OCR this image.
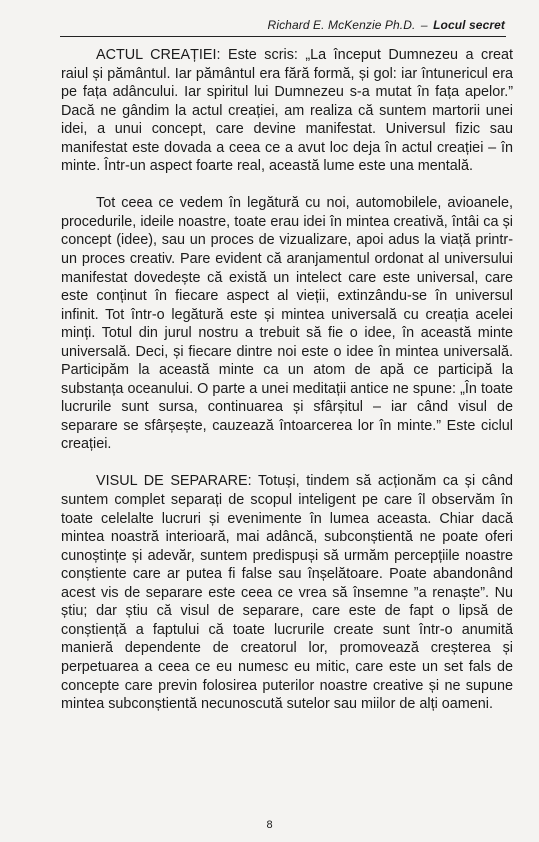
Richard E. McKenzie Ph.D. – Locul secret

ACTUL CREAȚIEI: Este scris: „La început Dumnezeu a creat raiul și pământul. Iar pământul era fără formă, și gol: iar întunericul era pe fața adâncului. Iar spiritul lui Dumnezeu s-a mutat în fața apelor.” Dacă ne gândim la actul creației, am realiza că suntem martorii unei idei, a unui concept, care devine manifestat. Universul fizic sau manifestat este dovada a ceea ce a avut loc deja în actul creației – în minte. Într-un aspect foarte real, această lume este una mentală.

Tot ceea ce vedem în legătură cu noi, automobilele, avioanele, procedurile, ideile noastre, toate erau idei în mintea creativă, întâi ca și concept (idee), sau un proces de vizualizare, apoi adus la viață printr-un proces creativ. Pare evident că aranjamentul ordonat al universului manifestat dovedește că există un intelect care este universal, care este conținut în fiecare aspect al vieții, extinzându-se în universul infinit. Tot într-o legătură este și mintea universală cu creația acelei minți. Totul din jurul nostru a trebuit să fie o idee, în această minte universală. Deci, și fiecare dintre noi este o idee în mintea universală. Participăm la această minte ca un atom de apă ce participă la substanța oceanului. O parte a unei meditații antice ne spune: „În toate lucrurile sunt sursa, continuarea și sfârșitul – iar când visul de separare se sfârșește, cauzează întoarcerea lor în minte.” Este ciclul creației.

VISUL DE SEPARARE: Totuși, tindem să acționăm ca și când suntem complet separați de scopul inteligent pe care îl observăm în toate celelalte lucruri și evenimente în lumea aceasta. Chiar dacă mintea noastră interioară, mai adâncă, subconștientă ne poate oferi cunoștințe și adevăr, suntem predispuși să urmăm percepțiile noastre conștiente care ar putea fi false sau înșelătoare. Poate abandonând acest vis de separare este ceea ce vrea să însemne ”a renaște”. Nu știu; dar știu că visul de separare, care este de fapt o lipsă de conștiență a faptului că toate lucrurile create sunt într-o anumită manieră dependente de creatorul lor, promovează creșterea și perpetuarea a ceea ce eu numesc eu mitic, care este un set fals de concepte care previn folosirea puterilor noastre creative și ne supune mintea subconștientă necunoscută sutelor sau miilor de alți oameni.

8
